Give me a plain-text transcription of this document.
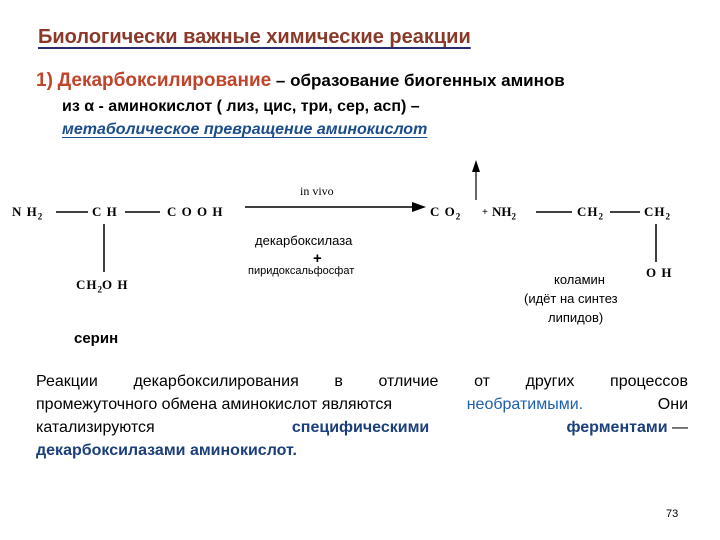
Биологически важные химические реакции
1) Декарбоксилирование – образование биогенных аминов
из α - аминокислот ( лиз, цис, три, сер, асп) –
метаболическое превращение аминокислот
N $H_2$	C H	C O O H
$CH_2O$ H
серин
in vivo
декарбоксилаза
+
пиридоксальфосфат
C $O_2 + NH_2$	$CH_2$	$CH_2$
O H
коламин
(идёт на синтез
липидов)
Реакции декарбоксилирования в отличие от других процессов
промежуточного обмена аминокислот являются	необратимыми.	Они
катализируются	специфическими	ферментами —
декарбоксилазами аминокислот.
73
